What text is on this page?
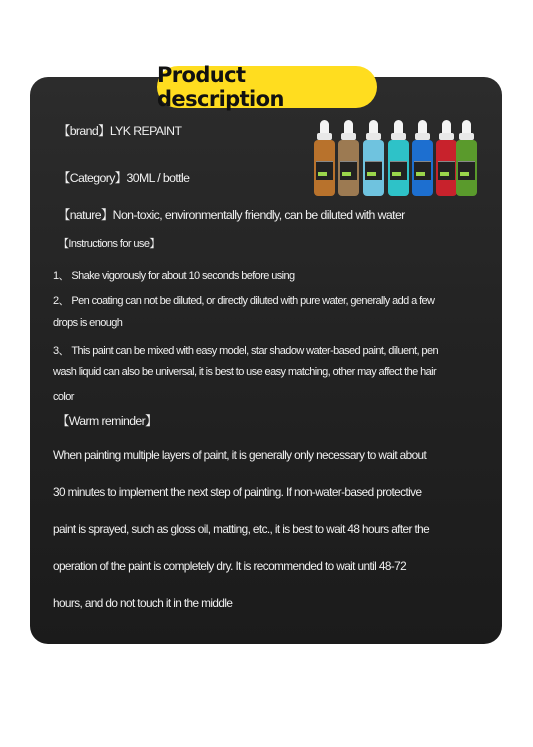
Product description
【brand】LYK REPAINT
【Category】30ML / bottle
【nature】Non-toxic, environmentally friendly, can be diluted with water
【Instructions for use】
1、 Shake vigorously for about 10 seconds before using
2、 Pen coating can not be diluted, or directly diluted with pure water, generally add a few
drops is enough
3、 This paint can be mixed with easy model, star shadow water-based paint, diluent, pen
wash liquid can also be universal, it is best to use easy matching, other may affect the hair
color
【Warm reminder】
When painting multiple layers of paint, it is generally only necessary to wait about
30 minutes to implement the next step of painting. If non-water-based protective
paint is sprayed, such as gloss oil, matting, etc., it is best to wait 48 hours after the
operation of the paint is completely dry. It is recommended to wait until 48-72
hours, and do not touch it in the middle
